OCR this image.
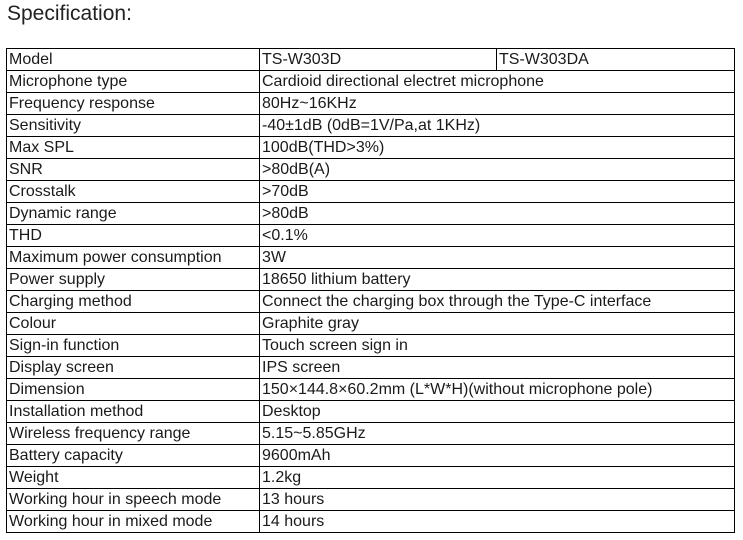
Specification:
Model	TS-W303D	TS-W303DA
Microphone type	Cardioid directional electret microphone	
Frequency response	80Hz~16KHz	
Sensitivity	-40±1dB (0dB=1V/Pa,at 1KHz)	
Max SPL	100dB(THD>3%)	
SNR	>80dB(A)	
Crosstalk	>70dB	
Dynamic range	>80dB	
THD	<0.1%	
Maximum power consumption	3W	
Power supply	18650 lithium battery	
Charging method	Connect the charging box through the Type-C interface	
Colour	Graphite gray	
Sign-in function	Touch screen sign in	
Display screen	IPS screen	
Dimension	150×144.8×60.2mm (L*W*H)(without microphone pole)	
Installation method	Desktop	
Wireless frequency range	5.15~5.85GHz	
Battery capacity	9600mAh	
Weight	1.2kg	
Working hour in speech mode	13 hours	
Working hour in mixed mode	14 hours	
